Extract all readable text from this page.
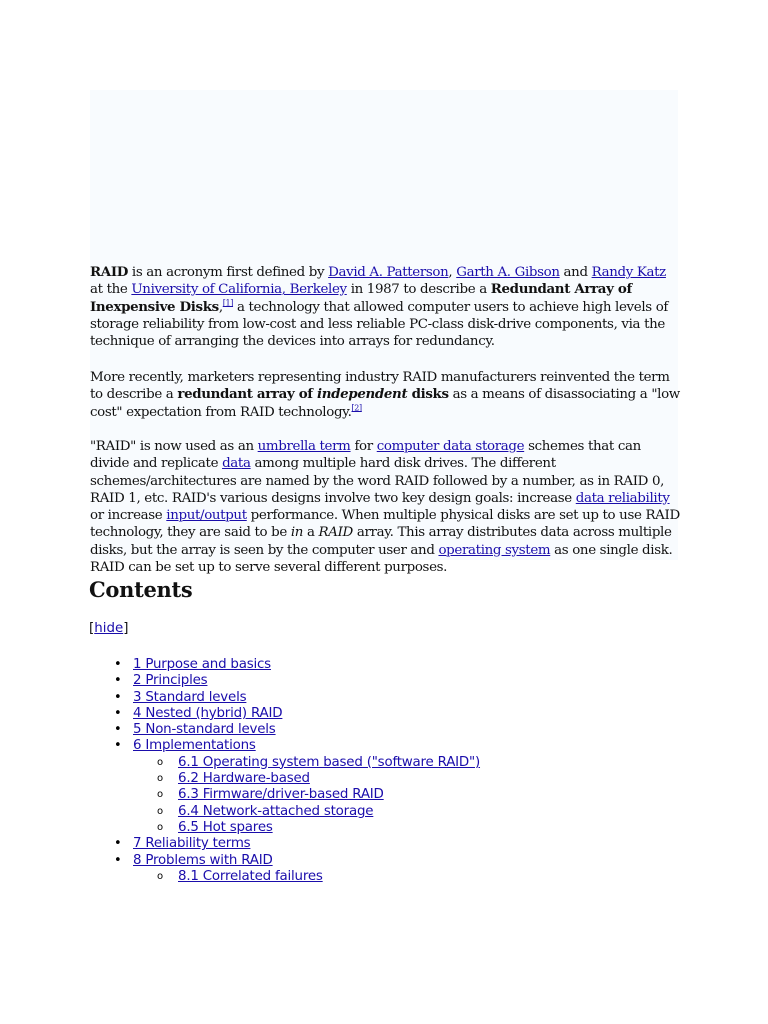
RAID is an acronym first defined by David A. Patterson, Garth A. Gibson and Randy Katz at the University of California, Berkeley in 1987 to describe a Redundant Array of Inexpensive Disks,[1] a technology that allowed computer users to achieve high levels of storage reliability from low-cost and less reliable PC-class disk-drive components, via the technique of arranging the devices into arrays for redundancy.

More recently, marketers representing industry RAID manufacturers reinvented the term to describe a redundant array of independent disks as a means of disassociating a "low cost" expectation from RAID technology.[2]

"RAID" is now used as an umbrella term for computer data storage schemes that can divide and replicate data among multiple hard disk drives. The different schemes/architectures are named by the word RAID followed by a number, as in RAID 0, RAID 1, etc. RAID's various designs involve two key design goals: increase data reliability or increase input/output performance. When multiple physical disks are set up to use RAID technology, they are said to be in a RAID array. This array distributes data across multiple disks, but the array is seen by the computer user and operating system as one single disk. RAID can be set up to serve several different purposes.

Contents
[hide]
• 1 Purpose and basics
• 2 Principles
• 3 Standard levels
• 4 Nested (hybrid) RAID
• 5 Non-standard levels
• 6 Implementations
o 6.1 Operating system based ("software RAID")
o 6.2 Hardware-based
o 6.3 Firmware/driver-based RAID
o 6.4 Network-attached storage
o 6.5 Hot spares
• 7 Reliability terms
• 8 Problems with RAID
o 8.1 Correlated failures
